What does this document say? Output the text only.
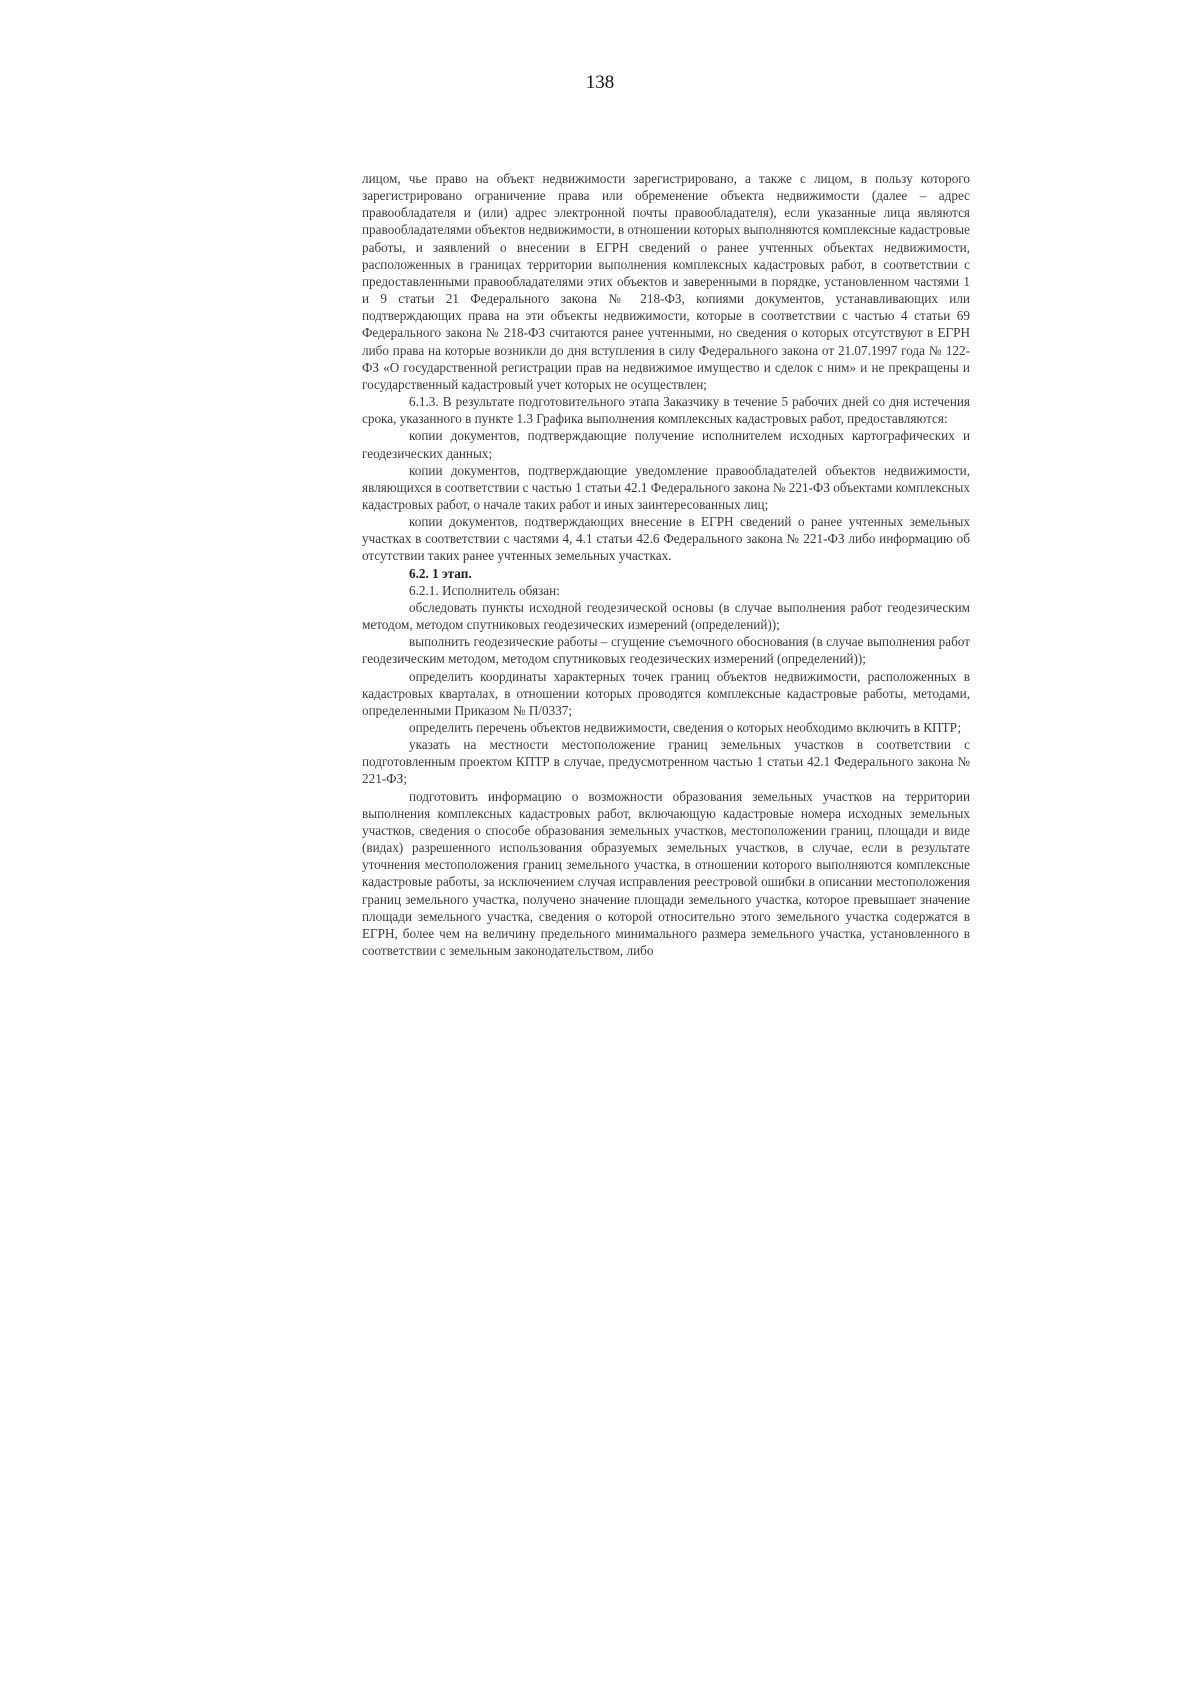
138

лицом, чье право на объект недвижимости зарегистрировано, а также с лицом, в пользу которого зарегистрировано ограничение права или обременение объекта недвижимости (далее – адрес правообладателя и (или) адрес электронной почты правообладателя), если указанные лица являются правообладателями объектов недвижимости, в отношении которых выполняются комплексные кадастровые работы, и заявлений о внесении в ЕГРН сведений о ранее учтенных объектах недвижимости, расположенных в границах территории выполнения комплексных кадастровых работ, в соответствии с предоставленными правообладателями этих объектов и заверенными в порядке, установленном частями 1 и 9 статьи 21 Федерального закона № 218-ФЗ, копиями документов, устанавливающих или подтверждающих права на эти объекты недвижимости, которые в соответствии с частью 4 статьи 69 Федерального закона № 218-ФЗ считаются ранее учтенными, но сведения о которых отсутствуют в ЕГРН либо права на которые возникли до дня вступления в силу Федерального закона от 21.07.1997 года № 122-ФЗ «О государственной регистрации прав на недвижимое имущество и сделок с ним» и не прекращены и государственный кадастровый учет которых не осуществлен;

6.1.3. В результате подготовительного этапа Заказчику в течение 5 рабочих дней со дня истечения срока, указанного в пункте 1.3 Графика выполнения комплексных кадастровых работ, предоставляются:

копии документов, подтверждающие получение исполнителем исходных картографических и геодезических данных;

копии документов, подтверждающие уведомление правообладателей объектов недвижимости, являющихся в соответствии с частью 1 статьи 42.1 Федерального закона № 221-ФЗ объектами комплексных кадастровых работ, о начале таких работ и иных заинтересованных лиц;

копии документов, подтверждающих внесение в ЕГРН сведений о ранее учтенных земельных участках в соответствии с частями 4, 4.1 статьи 42.6 Федерального закона № 221-ФЗ либо информацию об отсутствии таких ранее учтенных земельных участках.

6.2. 1 этап.

6.2.1. Исполнитель обязан:

обследовать пункты исходной геодезической основы (в случае выполнения работ геодезическим методом, методом спутниковых геодезических измерений (определений));

выполнить геодезические работы – сгущение съемочного обоснования (в случае выполнения работ геодезическим методом, методом спутниковых геодезических измерений (определений));

определить координаты характерных точек границ объектов недвижимости, расположенных в кадастровых кварталах, в отношении которых проводятся комплексные кадастровые работы, методами, определенными Приказом № П/0337;

определить перечень объектов недвижимости, сведения о которых необходимо включить в КПТР;

указать на местности местоположение границ земельных участков в соответствии с подготовленным проектом КПТР в случае, предусмотренном частью 1 статьи 42.1 Федерального закона № 221-ФЗ;

подготовить информацию о возможности образования земельных участков на территории выполнения комплексных кадастровых работ, включающую кадастровые номера исходных земельных участков, сведения о способе образования земельных участков, местоположении границ, площади и виде (видах) разрешенного использования образуемых земельных участков, в случае, если в результате уточнения местоположения границ земельного участка, в отношении которого выполняются комплексные кадастровые работы, за исключением случая исправления реестровой ошибки в описании местоположения границ земельного участка, получено значение площади земельного участка, которое превышает значение площади земельного участка, сведения о которой относительно этого земельного участка содержатся в ЕГРН, более чем на величину предельного минимального размера земельного участка, установленного в соответствии с земельным законодательством, либо
